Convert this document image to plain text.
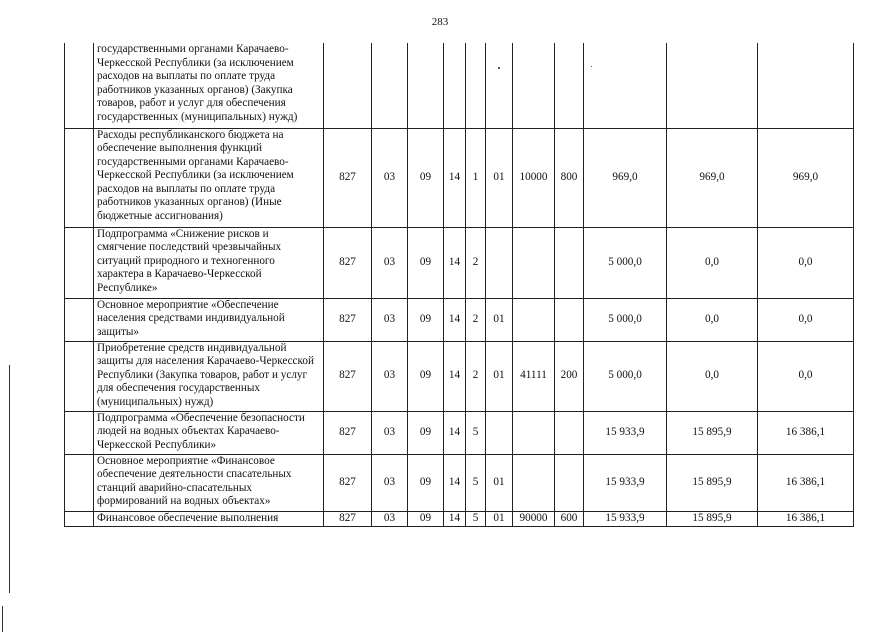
283
	государственными органами Карачаево-Черкесской Республики (за исключением расходов на выплаты по оплате труда работников указанных органов) (Закупка товаров, работ и услуг для обеспечения государственных (муниципальных) нужд)											
	Расходы республиканского бюджета на обеспечение выполнения функций государственными органами Карачаево-Черкесской Республики (за исключением расходов на выплаты по оплате труда работников указанных органов) (Иные бюджетные ассигнования)	827	03	09	14	1	01	10000	800	969,0	969,0	969,0
	Подпрограмма «Снижение рисков и смягчение последствий чрезвычайных ситуаций природного и техногенного характера в Карачаево-Черкесской Республике»	827	03	09	14	2				5 000,0	0,0	0,0
	Основное мероприятие «Обеспечение населения средствами индивидуальной защиты»	827	03	09	14	2	01			5 000,0	0,0	0,0
	Приобретение средств индивидуальной защиты для населения Карачаево-Черкесской Республики (Закупка товаров, работ и услуг для обеспечения государственных (муниципальных) нужд)	827	03	09	14	2	01	41111	200	5 000,0	0,0	0,0
	Подпрограмма «Обеспечение безопасности людей на водных объектах Карачаево-Черкесской Республики»	827	03	09	14	5				15 933,9	15 895,9	16 386,1
	Основное мероприятие «Финансовое обеспечение деятельности спасательных станций аварийно-спасательных формирований на водных объектах»	827	03	09	14	5	01			15 933,9	15 895,9	16 386,1
	Финансовое обеспечение выполнения	827	03	09	14	5	01	90000	600	15 933,9	15 895,9	16 386,1
